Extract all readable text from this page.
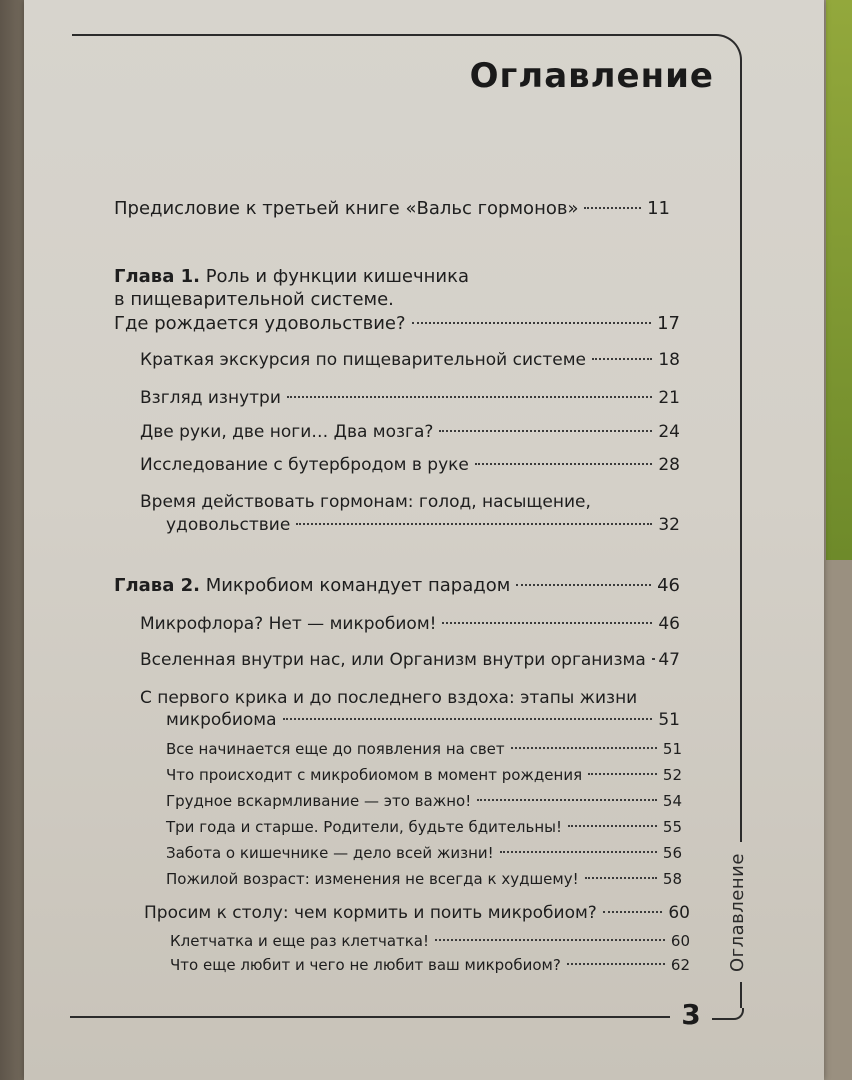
Оглавление
Оглавление
3
Предисловие к третьей книге «Вальс гормонов»	11
Глава 1. Роль и функции кишечника
в пищеварительной системе.
Где рождается удовольствие?	17
Краткая экскурсия по пищеварительной системе	18
Взгляд изнутри	21
Две руки, две ноги… Два мозга?	24
Исследование с бутербродом в руке	28
Время действовать гормонам: голод, насыщение,
удовольствие	32
Глава 2. Микробиом командует парадом	46
Микрофлора? Нет — микробиом!	46
Вселенная внутри нас, или Организм внутри организма 47
С первого крика и до последнего вздоха: этапы жизни
микробиома	51
Все начинается еще до появления на свет	51
Что происходит с микробиомом в момент рождения	52
Грудное вскармливание — это важно!	54
Три года и старше. Родители, будьте бдительны!	55
Забота о кишечнике — дело всей жизни!	56
Пожилой возраст: изменения не всегда к худшему!	58
Просим к столу: чем кормить и поить микробиом?	60
Клетчатка и еще раз клетчатка!	60
Что еще любит и чего не любит ваш микробиом?	62
